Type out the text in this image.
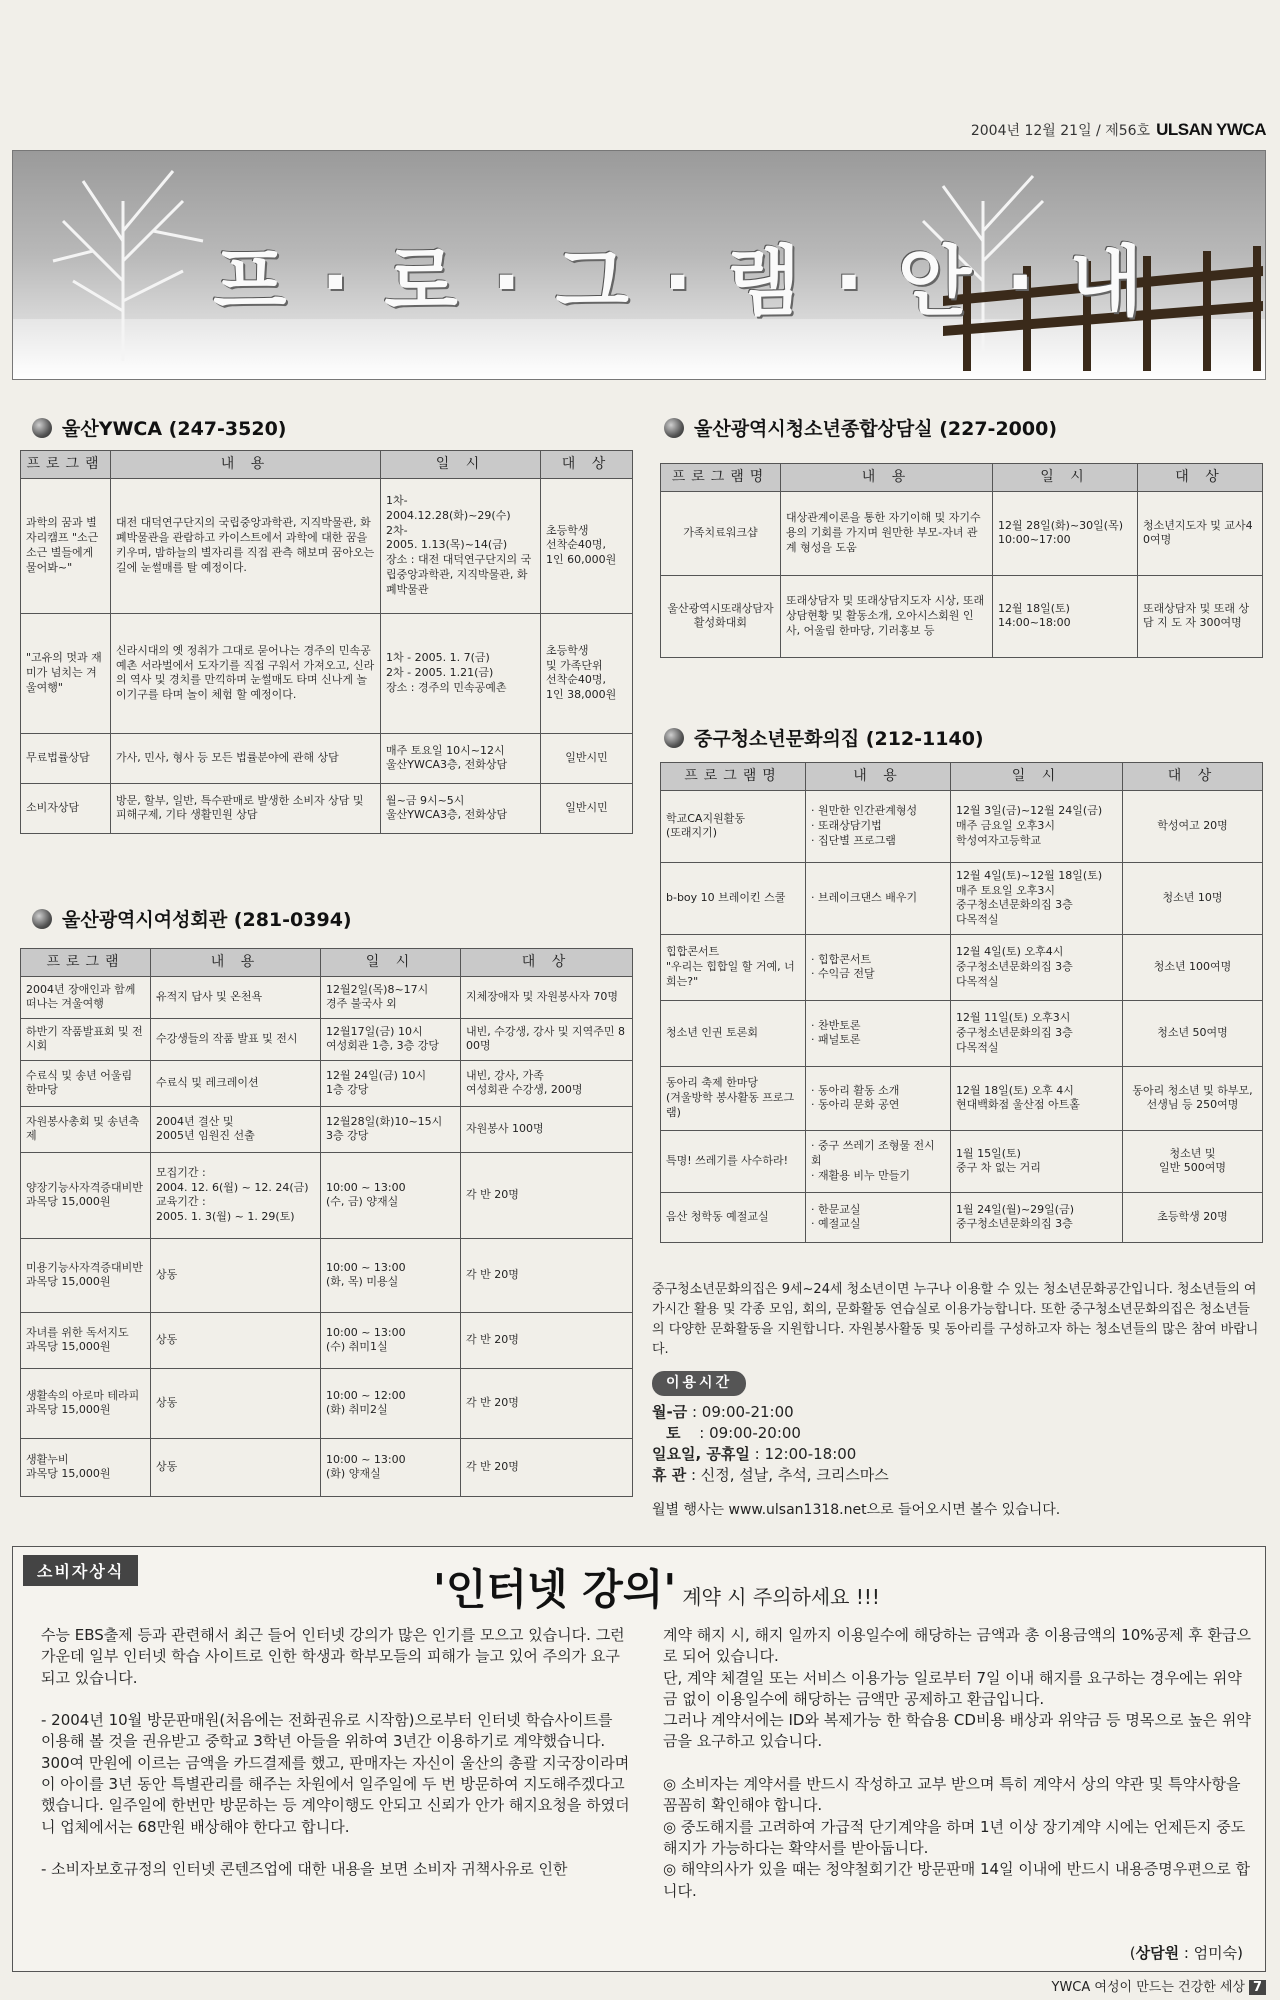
2004년 12월 21일 / 제56호 ULSAN YWCA
프 · 로 · 그 · 램 · 안 · 내
울산YWCA (247-3520)
프로그램	내 용	일 시	대 상
과학의 꿈과 별자리캠프 "소근소근 별들에게 물어봐~"	대전 대덕연구단지의 국립중앙과학관, 지직박물관, 화폐박물관을 관람하고 카이스트에서 과학에 대한 꿈을 키우며, 밤하늘의 별자리를 직접 관측 해보며 꿈아오는 길에 눈썰매를 탈 예정이다.	1차-
2004.12.28(화)~29(수)
2차-
2005. 1.13(목)~14(금)
장소 : 대전 대덕연구단지의 국립중앙과학관, 지직박물관, 화폐박물관	초등학생
선착순40명,
1인 60,000원
"고유의 멋과 재미가 넘치는 겨울여행"	신라시대의 옛 정취가 그대로 묻어나는 경주의 민속공예촌 서라벌에서 도자기를 직접 구워서 가져오고, 신라의 역사 및 경치를 만끽하며 눈썰매도 타며 신나게 놀이기구를 타며 놀이 체험 할 예정이다.	1차 - 2005. 1. 7(금)
2차 - 2005. 1.21(금)
장소 : 경주의 민속공예촌	초등학생
및 가족단위
선착순40명,
1인 38,000원
무료법률상담	가사, 민사, 형사 등 모든 법률분야에 관해 상담	매주 토요일 10시~12시
울산YWCA3층, 전화상담	일반시민
소비자상담	방문, 할부, 일반, 특수판매로 발생한 소비자 상담 및 피해구제, 기타 생활민원 상담	월~금 9시~5시
울산YWCA3층, 전화상담	일반시민
울산광역시여성회관 (281-0394)
프로그램	내 용	일 시	대 상
2004년 장애인과 함께 떠나는 겨울여행	유적지 답사 및 온천욕	12월2일(목)8~17시
경주 불국사 외	지체장애자 및 자원봉사자 70명
하반기 작품발표회 및 전시회	수강생들의 작품 발표 및 전시	12월17일(금) 10시
여성회관 1층, 3층 강당	내빈, 수강생, 강사 및 지역주민 800명
수료식 및 송년 어울림 한마당	수료식 및 레크레이션	12월 24일(금) 10시
1층 강당	내빈, 강사, 가족
여성회관 수강생, 200명
자원봉사총회 및 송년축제	2004년 결산 및
2005년 임원진 선출	12월28일(화)10~15시
3층 강당	자원봉사 100명
양장기능사자격증대비반
과목당 15,000원	모집기간 :
2004. 12. 6(월) ~ 12. 24(금)
교육기간 :
2005. 1. 3(월) ~ 1. 29(토)	10:00 ~ 13:00
(수, 금) 양재실	각 반 20명
미용기능사자격증대비반
과목당 15,000원	상동	10:00 ~ 13:00
(화, 목) 미용실	각 반 20명
자녀를 위한 독서지도
과목당 15,000원	상동	10:00 ~ 13:00
(수) 취미1실	각 반 20명
생활속의 아로마 테라피
과목당 15,000원	상동	10:00 ~ 12:00
(화) 취미2실	각 반 20명
생활누비
과목당 15,000원	상동	10:00 ~ 13:00
(화) 양재실	각 반 20명
울산광역시청소년종합상담실 (227-2000)
프로그램명	내 용	일 시	대 상
가족치료워크샵	대상관계이론을 통한 자기이해 및 자기수용의 기회를 가지며 원만한 부모-자녀 관계 형성을 도움	12월 28일(화)~30일(목) 10:00~17:00	청소년지도자 및 교사40여명
울산광역시또래상담자활성화대회	또래상담자 및 또래상담지도자 시상, 또래상담현황 및 활동소개, 오아시스회원 인사, 어울림 한마당, 기러홍보 등	12월 18일(토)
14:00~18:00	또래상담자 및 또래 상 담 지 도 자 300여명
중구청소년문화의집 (212-1140)
프로그램명	내 용	일 시	대 상
학교CA지원활동
(또래지기)	· 원만한 인간관계형성
· 또래상담기법
· 집단별 프로그램	12월 3일(금)~12월 24일(금)
매주 금요일 오후3시
학성여자고등학교	학성여고 20명
b-boy 10 브레이킨 스쿨	· 브레이크댄스 배우기	12월 4일(토)~12월 18일(토)
매주 토요일 오후3시
중구청소년문화의집 3층
다목적실	청소년 10명
힙합콘서트
"우리는 힙합일 할 거예, 너희는?"	· 힙합콘서트
· 수익금 전달	12월 4일(토) 오후4시
중구청소년문화의집 3층
다목적실	청소년 100여명
청소년 인권 토론회	· 찬반토론
· 패널토론	12월 11일(토) 오후3시
중구청소년문화의집 3층
다목적실	청소년 50여명
동아리 축제 한마당
(겨울방학 봉사활동 프로그램)	· 동아리 활동 소개
· 동아리 문화 공연	12월 18일(토) 오후 4시
현대백화점 울산점 아트홀	동아리 청소년 및 하부모, 선생님 등 250여명
특명! 쓰레기를 사수하라!	· 중구 쓰레기 조형물 전시회
· 재활용 비누 만들기	1월 15일(토)
중구 차 없는 거리	청소년 및
일반 500여명
음산 청학동 예절교실	· 한문교실
· 예절교실	1월 24일(월)~29일(금)
중구청소년문화의집 3층	초등학생 20명
중구청소년문화의집은 9세~24세 청소년이면 누구나 이용할 수 있는 청소년문화공간입니다. 청소년들의 여가시간 활용 및 각종 모임, 회의, 문화활동 연습실로 이용가능합니다. 또한 중구청소년문화의집은 청소년들의 다양한 문화활동을 지원합니다. 자원봉사활동 및 동아리를 구성하고자 하는 청소년들의 많은 참여 바랍니다.
이용시간
월-금 : 09:00-21:00
토 : 09:00-20:00
일요일, 공휴일 : 12:00-18:00
휴 관 : 신정, 설날, 추석, 크리스마스
월별 행사는 www.ulsan1318.net으로 들어오시면 볼수 있습니다.
소비자상식	'인터넷 강의' 계약 시 주의하세요 !!!
수능 EBS출제 등과 관련해서 최근 들어 인터넷 강의가 많은 인기를 모으고 있습니다. 그런 가운데 일부 인터넷 학습 사이트로 인한 학생과 학부모들의 피해가 늘고 있어 주의가 요구되고 있습니다.

- 2004년 10월 방문판매원(처음에는 전화권유로 시작함)으로부터 인터넷 학습사이트를 이용해 볼 것을 권유받고 중학교 3학년 아들을 위하여 3년간 이용하기로 계약했습니다.
300여 만원에 이르는 금액을 카드결제를 했고, 판매자는 자신이 울산의 총괄 지국장이라며 이 아이를 3년 동안 특별관리를 해주는 차원에서 일주일에 두 번 방문하여 지도해주겠다고 했습니다. 일주일에 한번만 방문하는 등 계약이행도 안되고 신뢰가 안가 해지요청을 하였더니 업체에서는 68만원 배상해야 한다고 합니다.

- 소비자보호규정의 인터넷 콘텐즈업에 대한 내용을 보면 소비자 귀책사유로 인한
계약 해지 시, 해지 일까지 이용일수에 해당하는 금액과 총 이용금액의 10%공제 후 환급으로 되어 있습니다.
단, 계약 체결일 또는 서비스 이용가능 일로부터 7일 이내 해지를 요구하는 경우에는 위약금 없이 이용일수에 해당하는 금액만 공제하고 환급입니다.
그러나 계약서에는 ID와 복제가능 한 학습용 CD비용 배상과 위약금 등 명목으로 높은 위약금을 요구하고 있습니다.

◎ 소비자는 계약서를 반드시 작성하고 교부 받으며 특히 계약서 상의 약관 및 특약사항을 꼼꼼히 확인해야 합니다.
◎ 중도해지를 고려하여 가급적 단기계약을 하며 1년 이상 장기계약 시에는 언제든지 중도해지가 가능하다는 확약서를 받아둡니다.
◎ 해약의사가 있을 때는 청약철회기간 방문판매 14일 이내에 반드시 내용증명우편으로 합니다.
(상담원 : 엄미숙)
YWCA 여성이 만드는 건강한 세상 7
